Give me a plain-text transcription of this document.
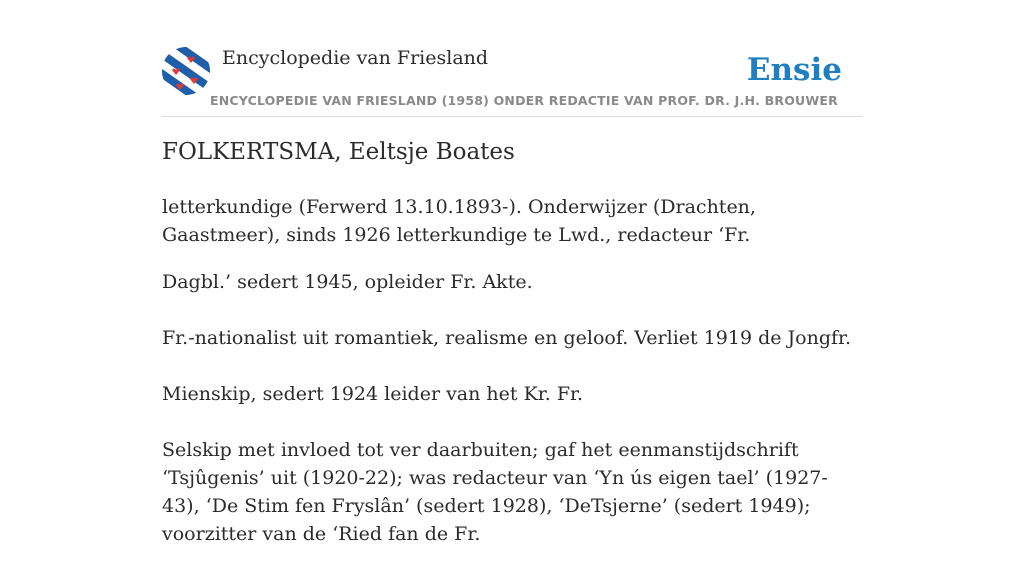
Encyclopedie van Friesland	Ensie
ENCYCLOPEDIE VAN FRIESLAND (1958) ONDER REDACTIE VAN PROF. DR. J.H. BROUWER
FOLKERTSMA, Eeltsje Boates

letterkundige (Ferwerd 13.10.1893-). Onderwijzer (Drachten, Gaastmeer), sinds 1926 letterkundige te Lwd., redacteur ‘Fr.

Dagbl.’ sedert 1945, opleider Fr. Akte.

Fr.-nationalist uit romantiek, realisme en geloof. Verliet 1919 de Jongfr.

Mienskip, sedert 1924 leider van het Kr. Fr.

Selskip met invloed tot ver daarbuiten; gaf het eenmanstijdschrift ‘Tsjûgenis’ uit (1920-22); was redacteur van ‘Yn ús eigen tael’ (1927-43), ‘De Stim fen Fryslân’ (sedert 1928), ‘DeTsjerne’ (sedert 1949); voorzitter van de ‘Ried fan de Fr.
